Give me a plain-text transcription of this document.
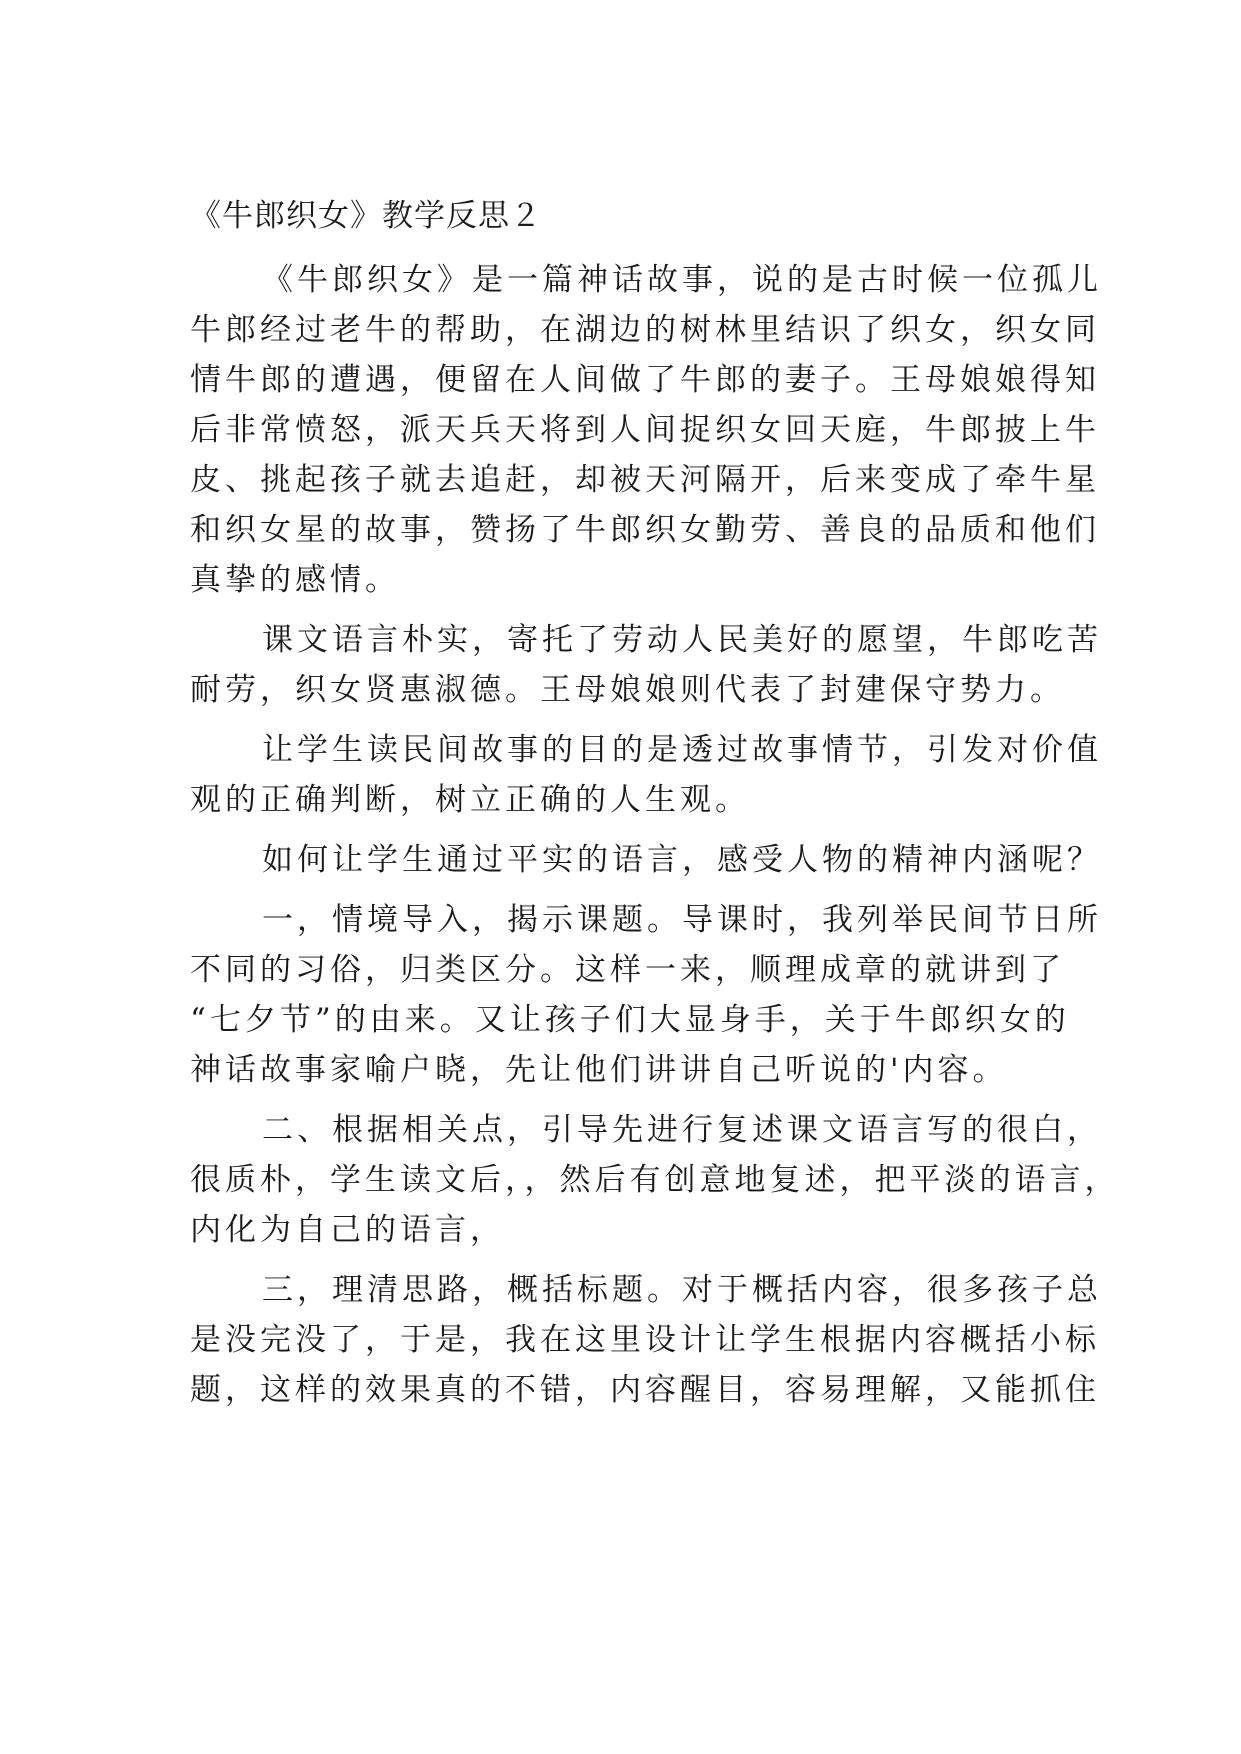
《牛郎织女》教学反思２
《牛郎织女》是一篇神话故事，说的是古时候一位孤儿
牛郎经过老牛的帮助，在湖边的树林里结识了织女，织女同
情牛郎的遭遇，便留在人间做了牛郎的妻子。王母娘娘得知
后非常愤怒，派天兵天将到人间捉织女回天庭，牛郎披上牛
皮、挑起孩子就去追赶，却被天河隔开，后来变成了牵牛星
和织女星的故事，赞扬了牛郎织女勤劳、善良的品质和他们
真挚的感情。
课文语言朴实，寄托了劳动人民美好的愿望，牛郎吃苦
耐劳，织女贤惠淑德。王母娘娘则代表了封建保守势力。
让学生读民间故事的目的是透过故事情节，引发对价值
观的正确判断，树立正确的人生观。
如何让学生通过平实的语言，感受人物的精神内涵呢？
一，情境导入，揭示课题。导课时，我列举民间节日所
不同的习俗，归类区分。这样一来，顺理成章的就讲到了
“七夕节”的由来。又让孩子们大显身手，关于牛郎织女的
神话故事家喻户晓，先让他们讲讲自己听说的'内容。
二、根据相关点，引导先进行复述课文语言写的很白，
很质朴，学生读文后，，然后有创意地复述，把平淡的语言，
内化为自己的语言，
三，理清思路，概括标题。对于概括内容，很多孩子总
是没完没了，于是，我在这里设计让学生根据内容概括小标
题，这样的效果真的不错，内容醒目，容易理解，又能抓住
